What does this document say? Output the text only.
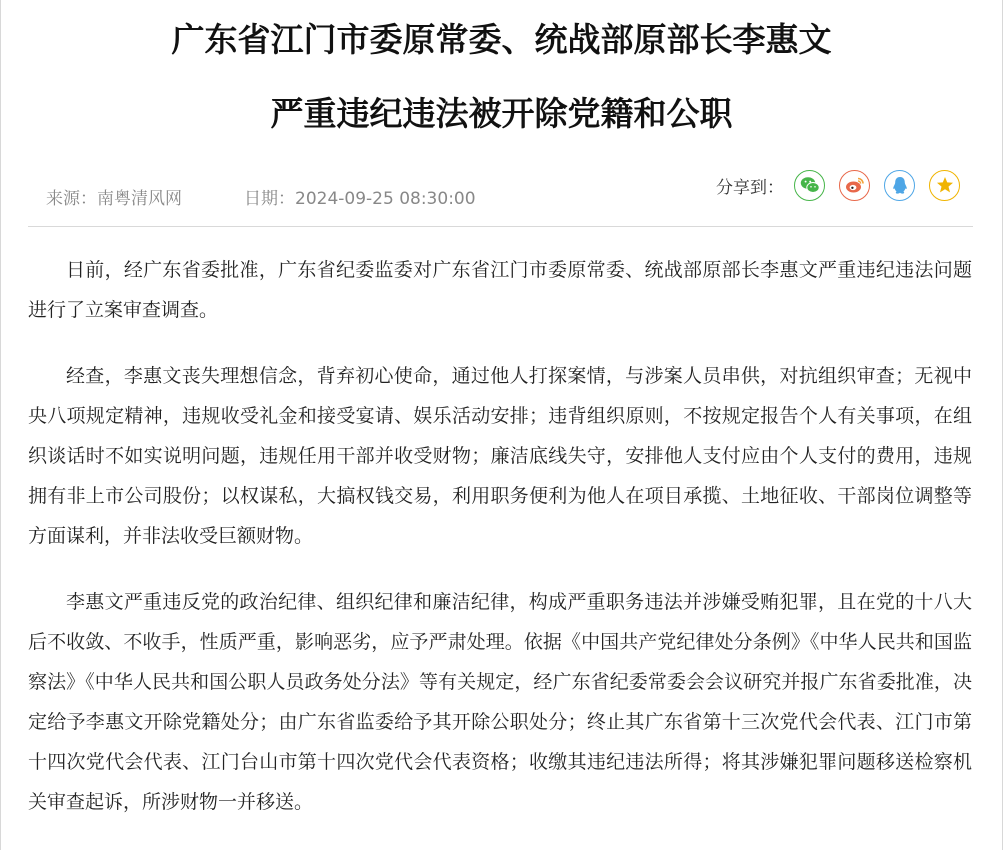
广东省江门市委原常委、统战部原部长李惠文
严重违纪违法被开除党籍和公职
来源：南粤清风网	日期：2024-09-25 08:30:00
分享到：

日前，经广东省委批准，广东省纪委监委对广东省江门市委原常委、统战部原部长李惠文严重违纪违法问题进行了立案审查调查。

经查，李惠文丧失理想信念，背弃初心使命，通过他人打探案情，与涉案人员串供，对抗组织审查；无视中央八项规定精神，违规收受礼金和接受宴请、娱乐活动安排；违背组织原则，不按规定报告个人有关事项，在组织谈话时不如实说明问题，违规任用干部并收受财物；廉洁底线失守，安排他人支付应由个人支付的费用，违规拥有非上市公司股份；以权谋私，大搞权钱交易，利用职务便利为他人在项目承揽、土地征收、干部岗位调整等方面谋利，并非法收受巨额财物。

李惠文严重违反党的政治纪律、组织纪律和廉洁纪律，构成严重职务违法并涉嫌受贿犯罪，且在党的十八大后不收敛、不收手，性质严重，影响恶劣，应予严肃处理。依据《中国共产党纪律处分条例》《中华人民共和国监察法》《中华人民共和国公职人员政务处分法》等有关规定，经广东省纪委常委会会议研究并报广东省委批准，决定给予李惠文开除党籍处分；由广东省监委给予其开除公职处分；终止其广东省第十三次党代会代表、江门市第十四次党代会代表、江门台山市第十四次党代会代表资格；收缴其违纪违法所得；将其涉嫌犯罪问题移送检察机关审查起诉，所涉财物一并移送。
